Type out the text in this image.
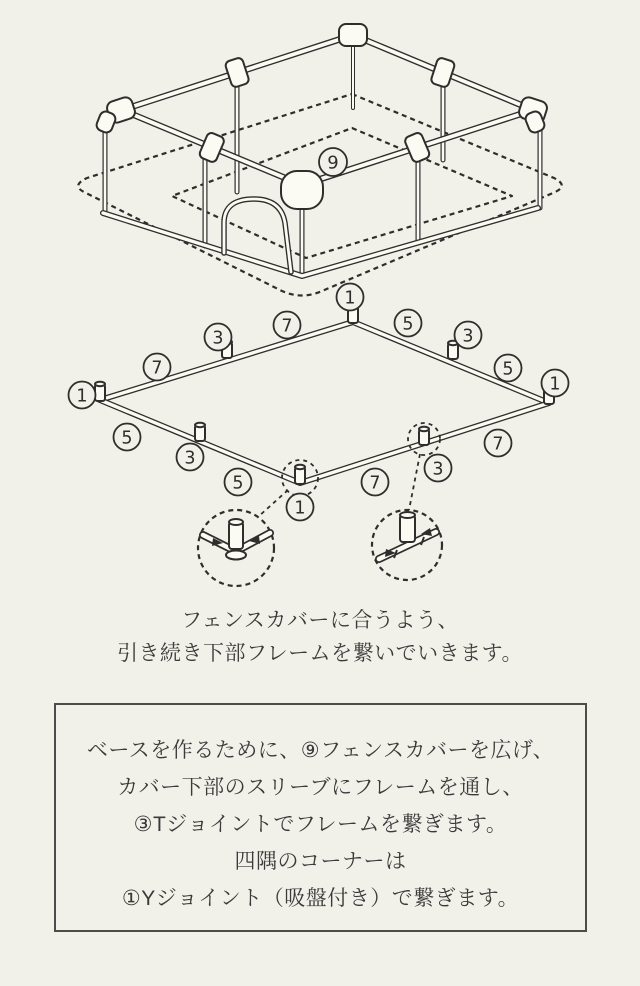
9
1
7	5
3	3
7	5
1
1
5
3
7
3
5	7
1
フェンスカバーに合うよう、
引き続き下部フレームを繋いでいきます。
ベースを作るために、⑨フェンスカバーを広げ、
カバー下部のスリーブにフレームを通し、
③Tジョイントでフレームを繋ぎます。
四隅のコーナーは
①Yジョイント（吸盤付き）で繋ぎます。
